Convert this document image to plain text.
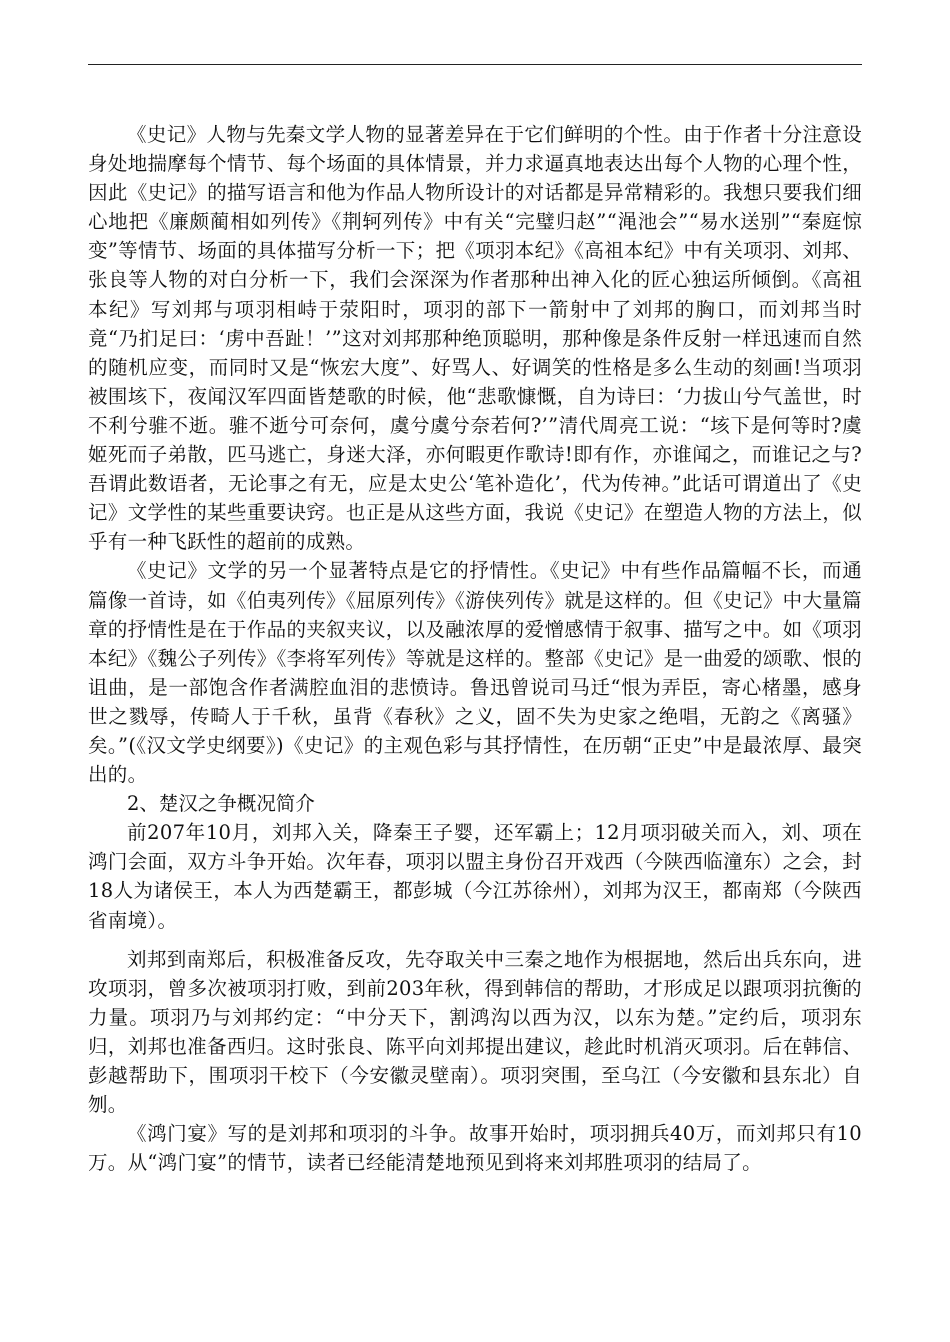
《史记》人物与先秦文学人物的显著差异在于它们鲜明的个性。由于作者十分注意设身处地揣摩每个情节、每个场面的具体情景，并力求逼真地表达出每个人物的心理个性，因此《史记》的描写语言和他为作品人物所设计的对话都是异常精彩的。我想只要我们细心地把《廉颇蔺相如列传》《荆轲列传》中有关“完璧归赵”“渑池会”“易水送别”“秦庭惊变”等情节、场面的具体描写分析一下；把《项羽本纪》《高祖本纪》中有关项羽、刘邦、张良等人物的对白分析一下，我们会深深为作者那种出神入化的匠心独运所倾倒。《高祖本纪》写刘邦与项羽相峙于荥阳时，项羽的部下一箭射中了刘邦的胸口，而刘邦当时竟“乃扪足曰：‘虏中吾趾！’”这对刘邦那种绝顶聪明，那种像是条件反射一样迅速而自然的随机应变，而同时又是“恢宏大度”、好骂人、好调笑的性格是多么生动的刻画!当项羽被围垓下，夜闻汉军四面皆楚歌的时候，他“悲歌慷慨，自为诗曰：‘力拔山兮气盖世，时不利兮骓不逝。骓不逝兮可奈何，虞兮虞兮奈若何?’”清代周亮工说：“垓下是何等时?虞姬死而子弟散，匹马逃亡，身迷大泽，亦何暇更作歌诗!即有作，亦谁闻之，而谁记之与?吾谓此数语者，无论事之有无，应是太史公‘笔补造化’，代为传神。”此话可谓道出了《史记》文学性的某些重要诀窍。也正是从这些方面，我说《史记》在塑造人物的方法上，似乎有一种飞跃性的超前的成熟。

《史记》文学的另一个显著特点是它的抒情性。《史记》中有些作品篇幅不长，而通篇像一首诗，如《伯夷列传》《屈原列传》《游侠列传》就是这样的。但《史记》中大量篇章的抒情性是在于作品的夹叙夹议，以及融浓厚的爱憎感情于叙事、描写之中。如《项羽本纪》《魏公子列传》《李将军列传》等就是这样的。整部《史记》是一曲爱的颂歌、恨的诅曲，是一部饱含作者满腔血泪的悲愤诗。鲁迅曾说司马迁“恨为弄臣，寄心楮墨，感身世之戮辱，传畸人于千秋，虽背《春秋》之义，固不失为史家之绝唱，无韵之《离骚》矣。”(《汉文学史纲要》)《史记》的主观色彩与其抒情性，在历朝“正史”中是最浓厚、最突出的。

2、楚汉之争概况简介

前207年10月，刘邦入关，降秦王子婴，还军霸上；12月项羽破关而入，刘、项在鸿门会面，双方斗争开始。次年春，项羽以盟主身份召开戏西（今陕西临潼东）之会，封18人为诸侯王，本人为西楚霸王，都彭城（今江苏徐州），刘邦为汉王，都南郑（今陕西省南境）。

刘邦到南郑后，积极准备反攻，先夺取关中三秦之地作为根据地，然后出兵东向，进攻项羽，曾多次被项羽打败，到前203年秋，得到韩信的帮助，才形成足以跟项羽抗衡的力量。项羽乃与刘邦约定：“中分天下，割鸿沟以西为汉，以东为楚。”定约后，项羽东归，刘邦也准备西归。这时张良、陈平向刘邦提出建议，趁此时机消灭项羽。后在韩信、彭越帮助下，围项羽干校下（今安徽灵壁南）。项羽突围，至乌江（今安徽和县东北）自刎。

《鸿门宴》写的是刘邦和项羽的斗争。故事开始时，项羽拥兵40万，而刘邦只有10万。从“鸿门宴”的情节，读者已经能清楚地预见到将来刘邦胜项羽的结局了。
